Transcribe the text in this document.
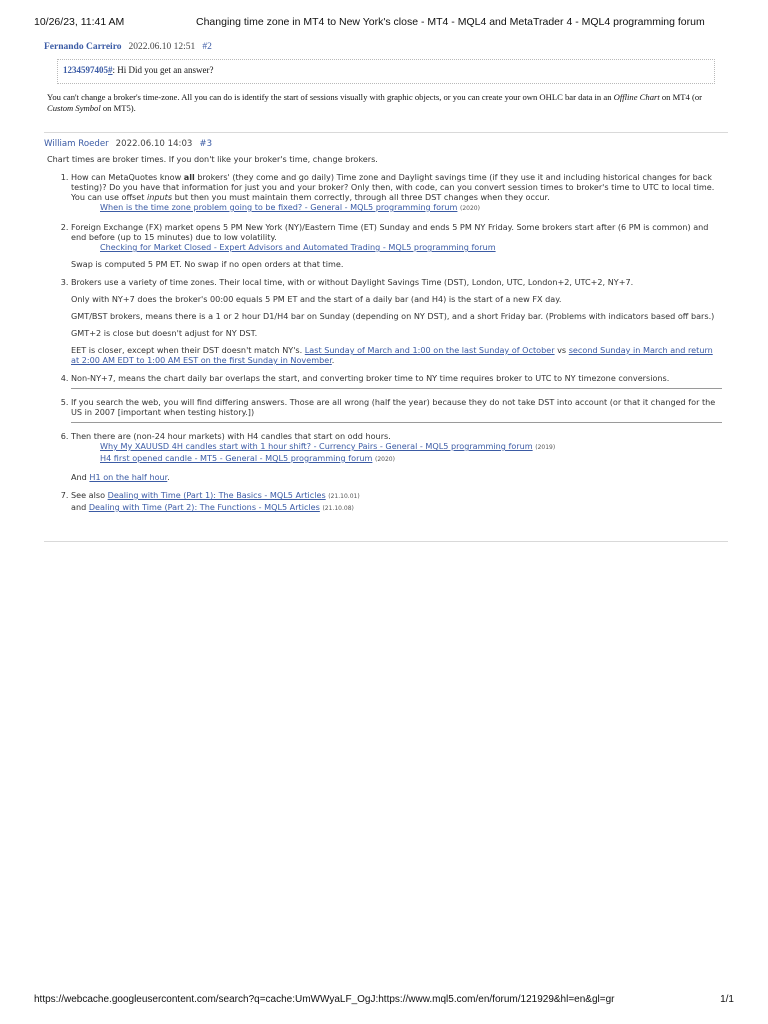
10/26/23, 11:41 AM	Changing time zone in MT4 to New York's close - MT4 - MQL4 and MetaTrader 4 - MQL4 programming forum
Fernando Carreiro 2022.06.10 12:51 #2
1234597405#: Hi Did you get an answer?
You can't change a broker's time-zone. All you can do is identify the start of sessions visually with graphic objects, or you can create your own OHLC bar data in an Offline Chart on MT4 (or Custom Symbol on MT5).
William Roeder 2022.06.10 14:03 #3
Chart times are broker times. If you don't like your broker's time, change brokers.
1. How can MetaQuotes know all brokers' (they come and go daily) Time zone and Daylight savings time (if they use it and including historical changes for back testing)? Do you have that information for just you and your broker? Only then, with code, can you convert session times to broker's time to UTC to local time. You can use offset inputs but then you must maintain them correctly, through all three DST changes when they occur.
When is the time zone problem going to be fixed? - General - MQL5 programming forum (2020)
2. Foreign Exchange (FX) market opens 5 PM New York (NY)/Eastern Time (ET) Sunday and ends 5 PM NY Friday. Some brokers start after (6 PM is common) and end before (up to 15 minutes) due to low volatility.
Checking for Market Closed - Expert Advisors and Automated Trading - MQL5 programming forum

Swap is computed 5 PM ET. No swap if no open orders at that time.

3. Brokers use a variety of time zones. Their local time, with or without Daylight Savings Time (DST), London, UTC, London+2, UTC+2, NY+7.

Only with NY+7 does the broker's 00:00 equals 5 PM ET and the start of a daily bar (and H4) is the start of a new FX day.

GMT/BST brokers, means there is a 1 or 2 hour D1/H4 bar on Sunday (depending on NY DST), and a short Friday bar. (Problems with indicators based off bars.)

GMT+2 is close but doesn't adjust for NY DST.

EET is closer, except when their DST doesn't match NY's. Last Sunday of March and 1:00 on the last Sunday of October vs second Sunday in March and return at 2:00 AM EDT to 1:00 AM EST on the first Sunday in November.

4. Non-NY+7, means the chart daily bar overlaps the start, and converting broker time to NY time requires broker to UTC to NY timezone conversions.
5. If you search the web, you will find differing answers. Those are all wrong (half the year) because they do not take DST into account (or that it changed for the US in 2007 [important when testing history.])
6. Then there are (non-24 hour markets) with H4 candles that start on odd hours.
Why My XAUUSD 4H candles start with 1 hour shift? - Currency Pairs - General - MQL5 programming forum (2019)
H4 first opened candle - MT5 - General - MQL5 programming forum (2020)

And H1 on the half hour.

7. See also Dealing with Time (Part 1): The Basics - MQL5 Articles (21.10.01)
and Dealing with Time (Part 2): The Functions - MQL5 Articles (21.10.08)
https://webcache.googleusercontent.com/search?q=cache:UmWWyaLF_OgJ:https://www.mql5.com/en/forum/121929&hl=en&gl=gr	1/1
